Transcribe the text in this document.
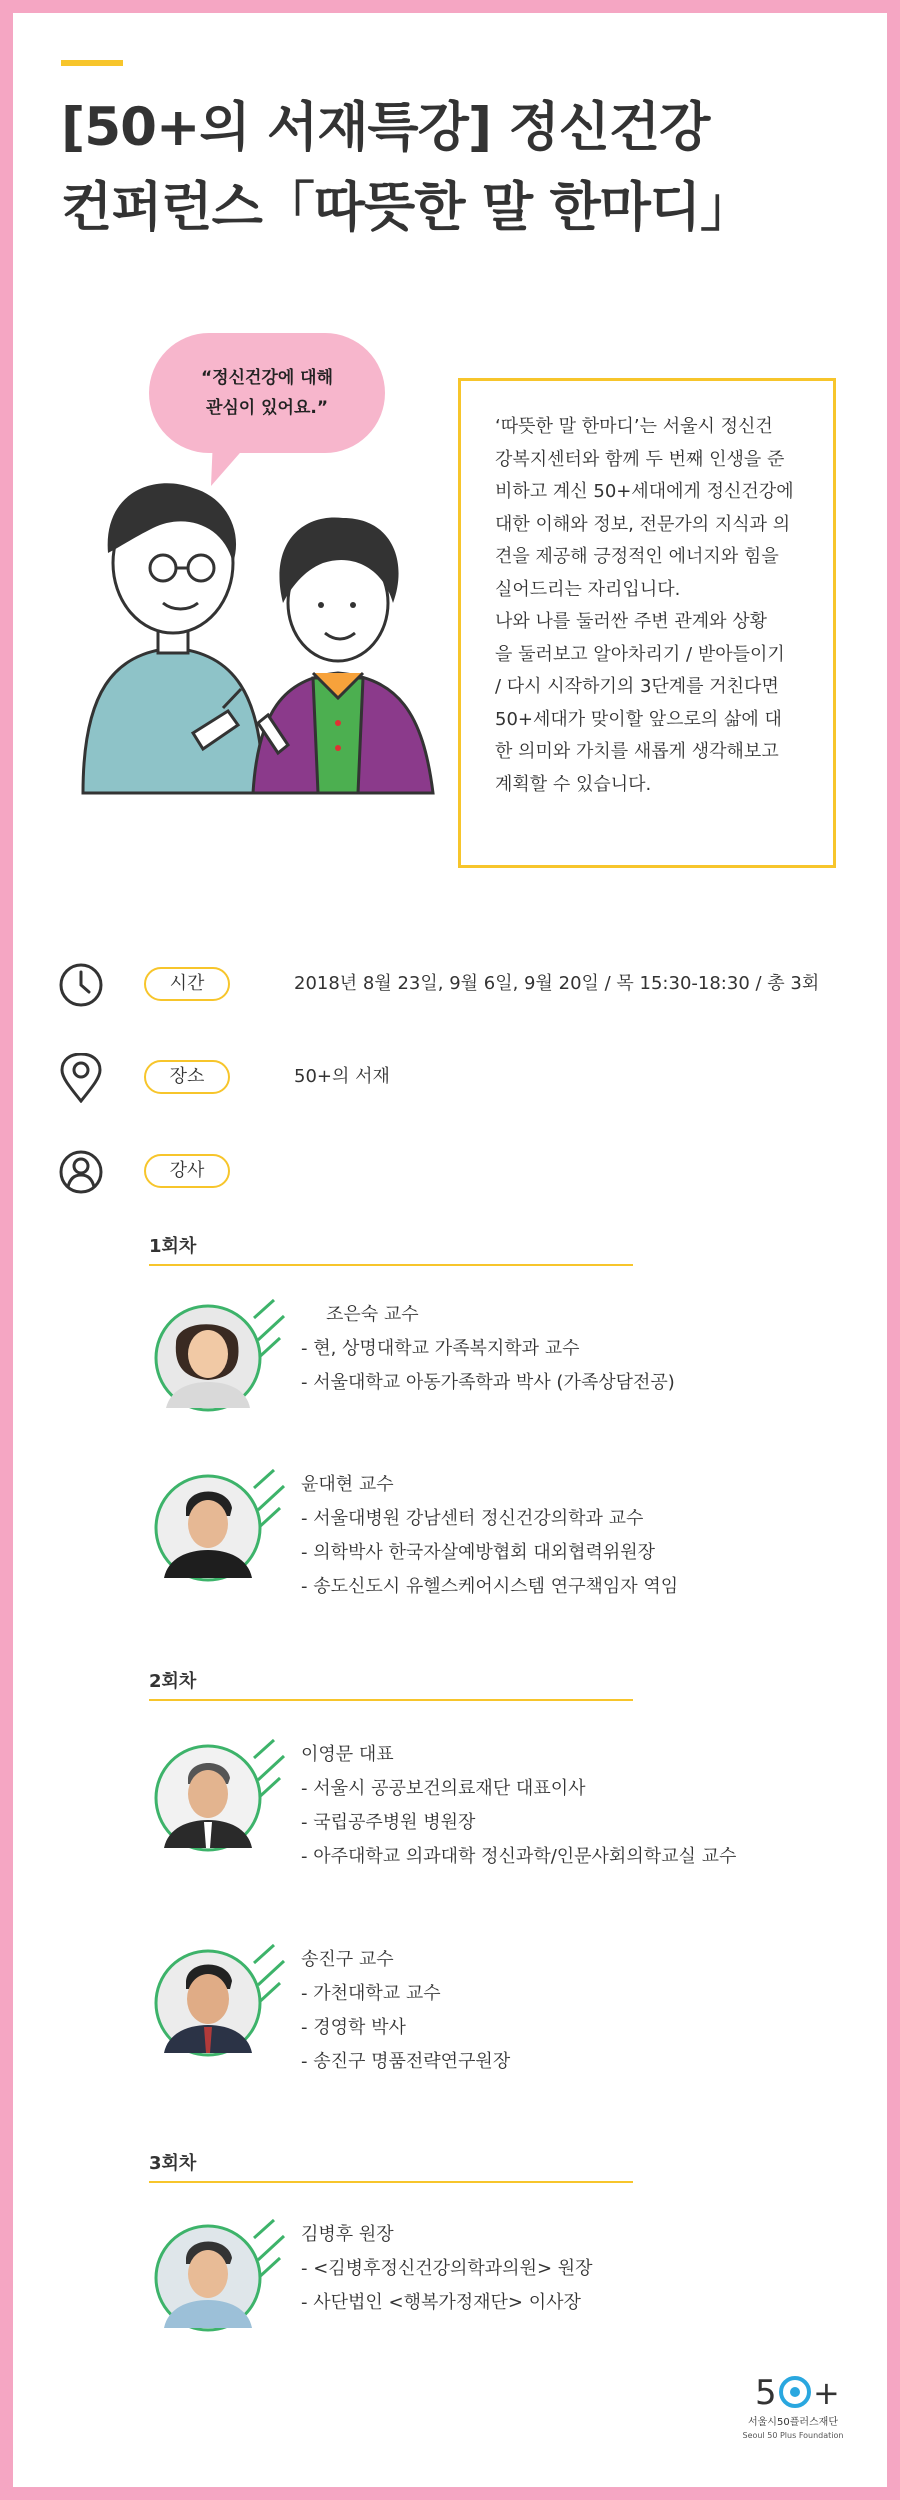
[50+의 서재특강] 정신건강
컨퍼런스「따뜻한 말 한마디」
“정신건강에 대해
관심이 있어요.”

‘따뜻한 말 한마디’는 서울시 정신건
강복지센터와 함께 두 번째 인생을 준
비하고 계신 50+세대에게 정신건강에
대한 이해와 정보, 전문가의 지식과 의
견을 제공해 긍정적인 에너지와 힘을
실어드리는 자리입니다.
나와 나를 둘러싼 주변 관계와 상황
을 둘러보고 알아차리기 / 받아들이기
/ 다시 시작하기의 3단계를 거친다면
50+세대가 맞이할 앞으로의 삶에 대
한 의미와 가치를 새롭게 생각해보고
계획할 수 있습니다.

시간	2018년 8월 23일, 9월 6일, 9월 20일 / 목 15:30-18:30 / 총 3회
장소	50+의 서재
강사
1회차
조은숙 교수
- 현, 상명대학교 가족복지학과 교수
- 서울대학교 아동가족학과 박사 (가족상담전공)
윤대현 교수
- 서울대병원 강남센터 정신건강의학과 교수
- 의학박사 한국자살예방협회 대외협력위원장
- 송도신도시 유헬스케어시스템 연구책임자 역임
2회차
이영문 대표
- 서울시 공공보건의료재단 대표이사
- 국립공주병원 병원장
- 아주대학교 의과대학 정신과학/인문사회의학교실 교수
송진구 교수
- 가천대학교 교수
- 경영학 박사
- 송진구 명품전략연구원장
3회차
김병후 원장
- <김병후정신건강의학과의원> 원장
- 사단법인 <행복가정재단> 이사장
5 +
서울시50플러스재단
Seoul 50 Plus Foundation
